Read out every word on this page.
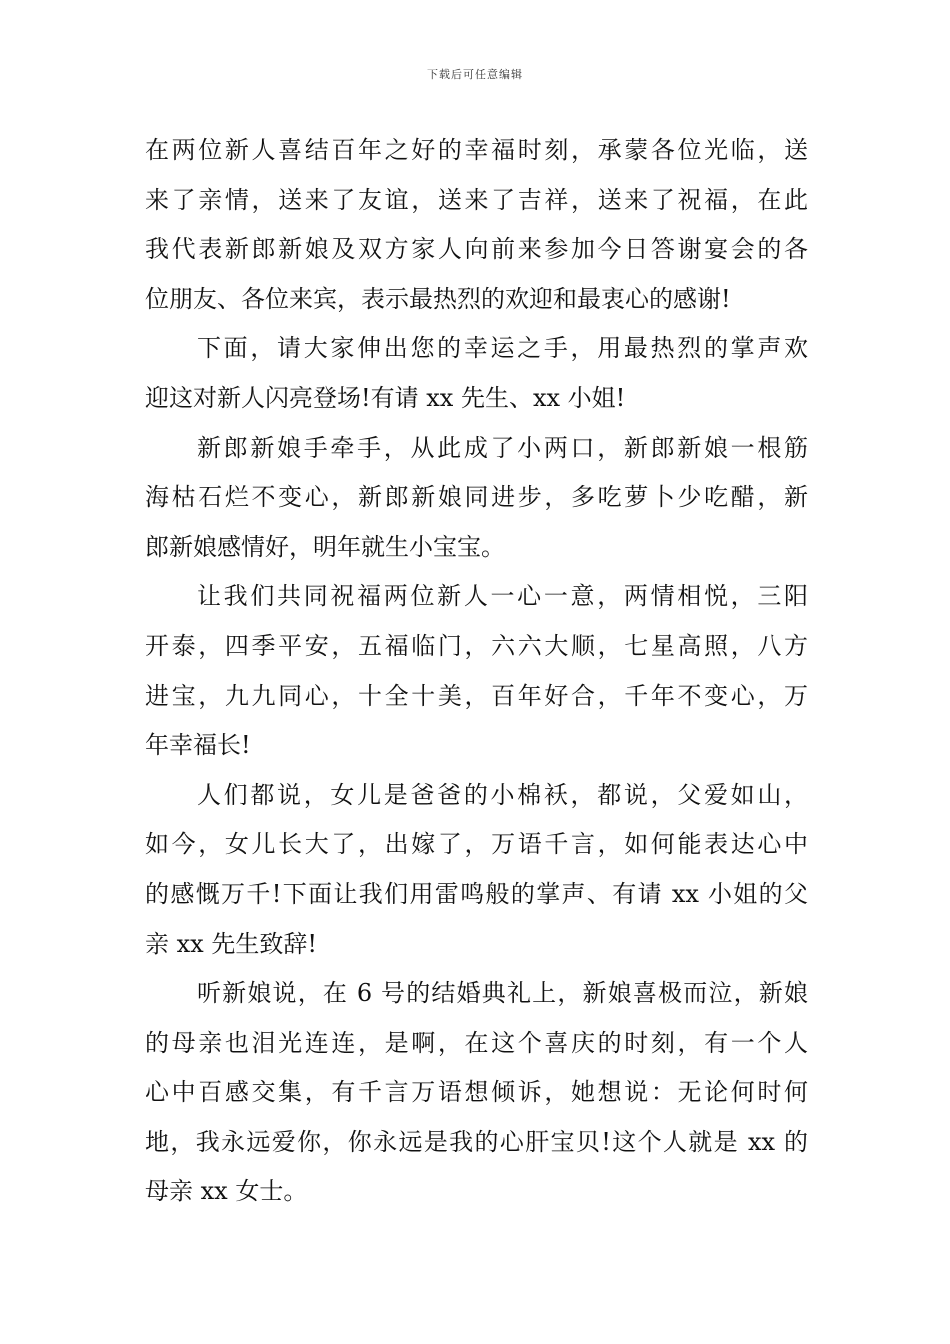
下载后可任意编辑
在两位新人喜结百年之好的幸福时刻，承蒙各位光临，送
来了亲情，送来了友谊，送来了吉祥，送来了祝福，在此
我代表新郎新娘及双方家人向前来参加今日答谢宴会的各
位朋友、各位来宾，表示最热烈的欢迎和最衷心的感谢!
下面，请大家伸出您的幸运之手，用最热烈的掌声欢
迎这对新人闪亮登场!有请 xx 先生、xx 小姐!
新郎新娘手牵手，从此成了小两口，新郎新娘一根筋
海枯石烂不变心，新郎新娘同进步，多吃萝卜少吃醋，新
郎新娘感情好，明年就生小宝宝。
让我们共同祝福两位新人一心一意，两情相悦，三阳
开泰，四季平安，五福临门，六六大顺，七星高照，八方
进宝，九九同心，十全十美，百年好合，千年不变心，万
年幸福长!
人们都说，女儿是爸爸的小棉袄，都说，父爱如山，
如今，女儿长大了，出嫁了，万语千言，如何能表达心中
的感慨万千!下面让我们用雷鸣般的掌声、有请 xx 小姐的父
亲 xx 先生致辞!
听新娘说，在 6 号的结婚典礼上，新娘喜极而泣，新娘
的母亲也泪光连连，是啊，在这个喜庆的时刻，有一个人
心中百感交集，有千言万语想倾诉，她想说：无论何时何
地，我永远爱你，你永远是我的心肝宝贝!这个人就是 xx 的
母亲 xx 女士。
